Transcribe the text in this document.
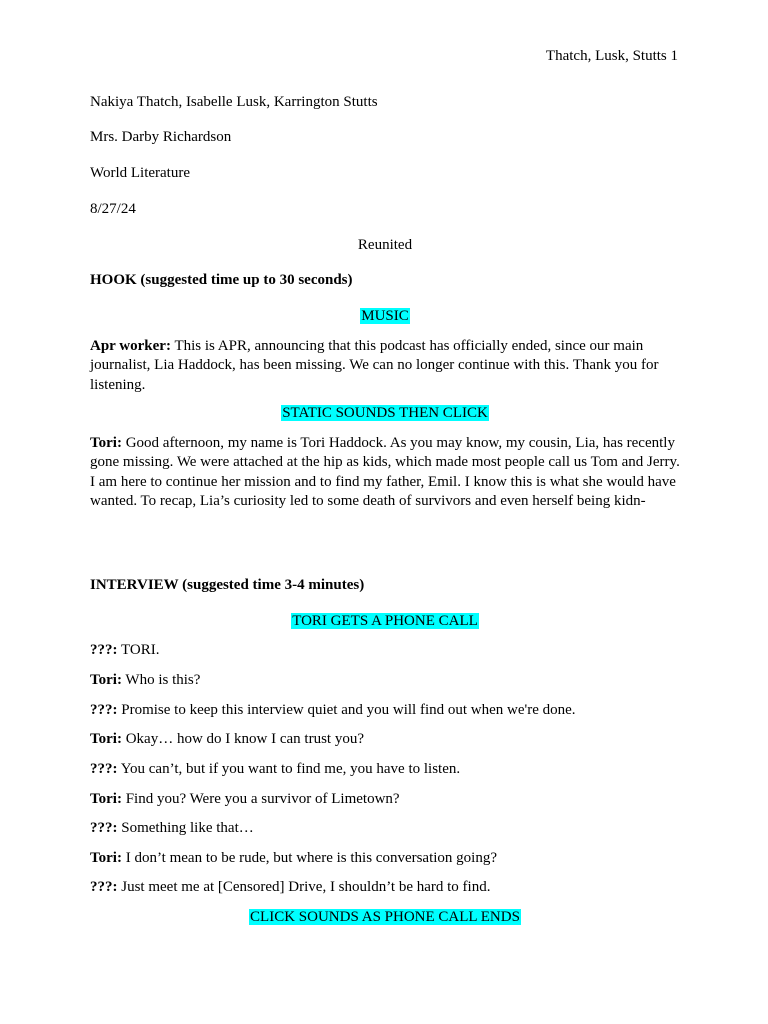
Thatch, Lusk, Stutts 1
Nakiya Thatch, Isabelle Lusk, Karrington Stutts
Mrs. Darby Richardson
World Literature
8/27/24
Reunited
HOOK (suggested time up to 30 seconds)
MUSIC
Apr worker: This is APR, announcing that this podcast has officially ended, since our main journalist, Lia Haddock, has been missing. We can no longer continue with this. Thank you for listening.
STATIC SOUNDS THEN CLICK
Tori: Good afternoon, my name is Tori Haddock. As you may know, my cousin, Lia, has recently gone missing. We were attached at the hip as kids, which made most people call us Tom and Jerry. I am here to continue her mission and to find my father, Emil. I know this is what she would have wanted. To recap, Lia’s curiosity led to some death of survivors and even herself being kidn-
INTERVIEW (suggested time 3-4 minutes)
TORI GETS A PHONE CALL
???: TORI.
Tori: Who is this?
???: Promise to keep this interview quiet and you will find out when we're done.
Tori: Okay… how do I know I can trust you?
???: You can’t, but if you want to find me, you have to listen.
Tori: Find you? Were you a survivor of Limetown?
???: Something like that…
Tori: I don’t mean to be rude, but where is this conversation going?
???: Just meet me at [Censored] Drive, I shouldn’t be hard to find.
CLICK SOUNDS AS PHONE CALL ENDS
